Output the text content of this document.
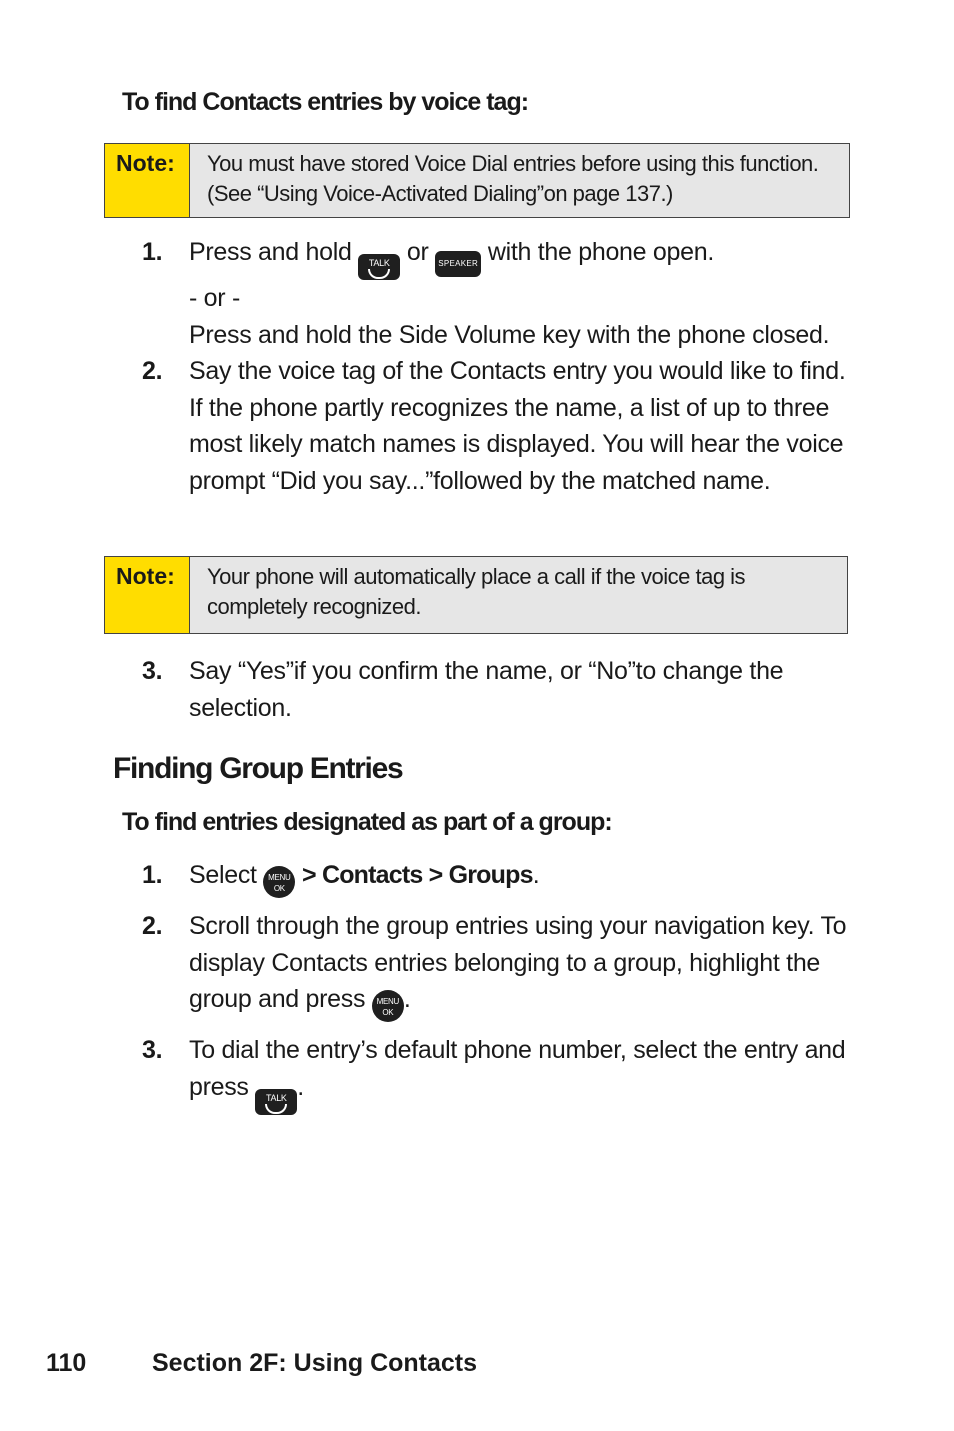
To find Contacts entries by voice tag:
Note:	You must have stored Voice Dial entries before using this function. (See “Using Voice-Activated Dialing”on page 137.)
1.	Press and hold TALK or SPEAKER with the phone open.
- or -
Press and hold the Side Volume key with the phone closed.
2.	Say the voice tag of the Contacts entry you would like to find. If the phone partly recognizes the name, a list of up to three most likely match names is displayed. You will hear the voice prompt “Did you say...”followed by the matched name.
Note:	Your phone will automatically place a call if the voice tag is completely recognized.
3.	Say “Yes”if you confirm the name, or “No”to change the selection.
Finding Group Entries
To find entries designated as part of a group:
1.	Select MENU
OK > Contacts > Groups.
2.	Scroll through the group entries using your navigation key. To display Contacts entries belonging to a group, highlight the group and press MENU
OK .
3.	To dial the entry’s default phone number, select the entry and press TALK .
110	Section 2F: Using Contacts
